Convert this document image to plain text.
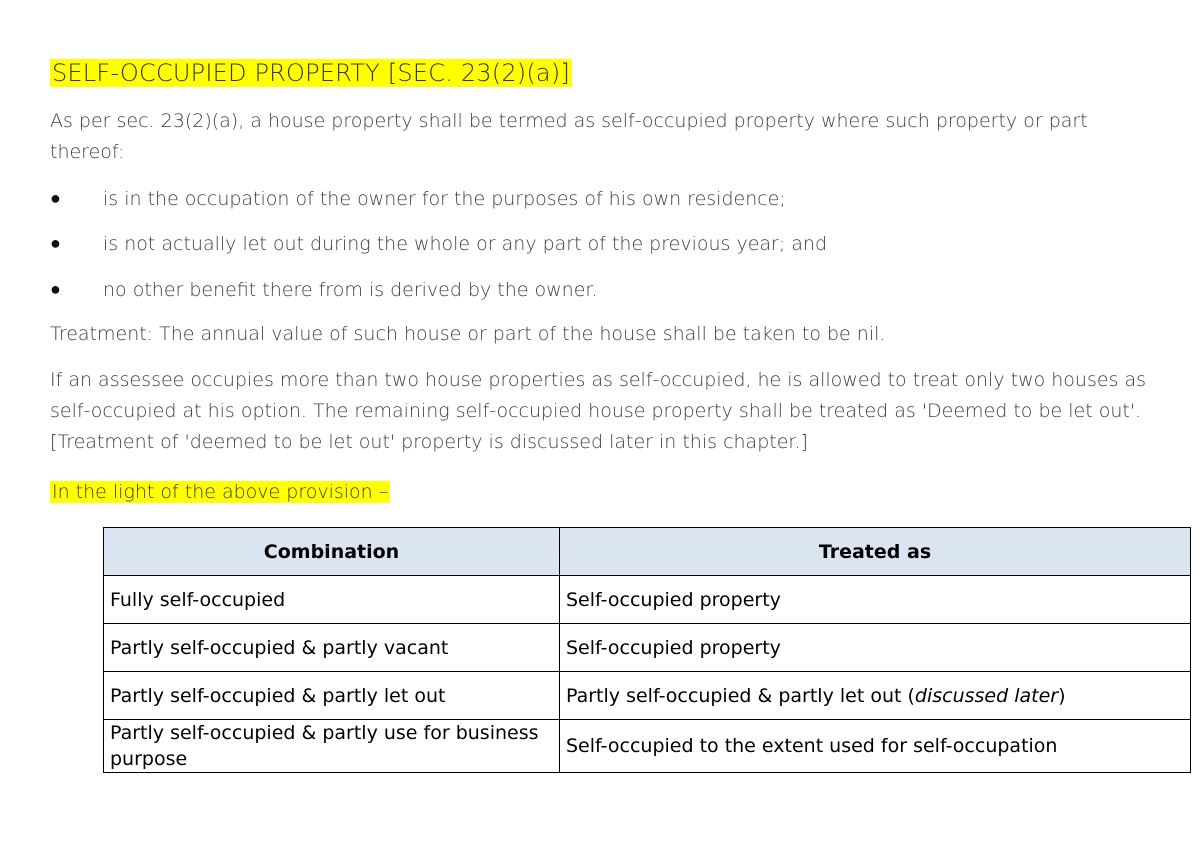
SELF-OCCUPIED PROPERTY [SEC. 23(2)(a)]
As per sec. 23(2)(a), a house property shall be termed as self-occupied property where such property or part thereof:
●	is in the occupation of the owner for the purposes of his own residence;
●	is not actually let out during the whole or any part of the previous year; and
●	no other benefit there from is derived by the owner.
Treatment: The annual value of such house or part of the house shall be taken to be nil.
If an assessee occupies more than two house properties as self-occupied, he is allowed to treat only two houses as self-occupied at his option. The remaining self-occupied house property shall be treated as 'Deemed to be let out'. [Treatment of 'deemed to be let out' property is discussed later in this chapter.]
In the light of the above provision –
Combination	Treated as
Fully self-occupied	Self-occupied property
Partly self-occupied & partly vacant	Self-occupied property
Partly self-occupied & partly let out	Partly self-occupied & partly let out (discussed later)
Partly self-occupied & partly use for business purpose	Self-occupied to the extent used for self-occupation
